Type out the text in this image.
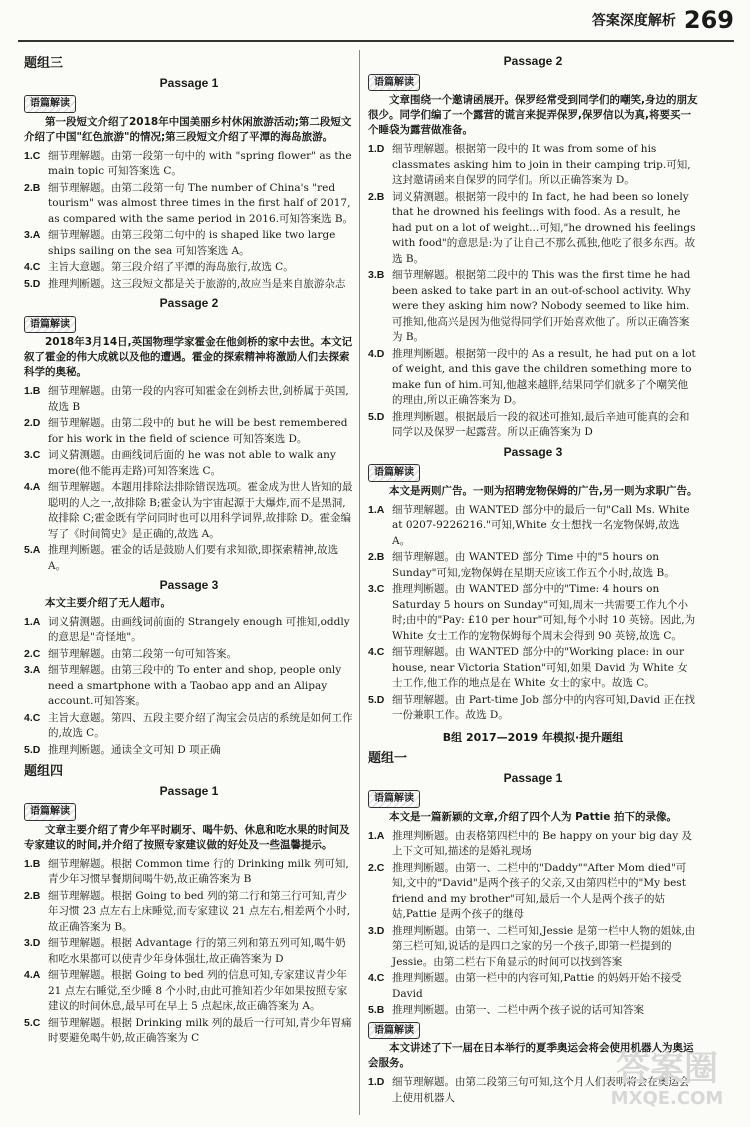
答案深度解析 269
题组三
Passage 1
语篇解读
第一段短文介绍了2018年中国美丽乡村休闲旅游活动;第二段短文介绍了中国"红色旅游"的情况;第三段短文介绍了平潭的海岛旅游。
1.C 细节理解题。由第一段第一句中的 with "spring flower" as the main topic 可知答案选 C。
2.B 细节理解题。由第二段第一句 The number of China's "red tourism" was almost three times in the first half of 2017, as compared with the same period in 2016.可知答案选 B。
3.A 细节理解题。由第三段第二句中的 is shaped like two large ships sailing on the sea 可知答案选 A。
4.C 主旨大意题。第三段介绍了平潭的海岛旅行,故选 C。
5.D 推理判断题。这三段短文都是关于旅游的,故应当是来自旅游杂志
Passage 2
语篇解读
2018年3月14日,英国物理学家霍金在他剑桥的家中去世。本文记叙了霍金的伟大成就以及他的遭遇。霍金的探索精神将激励人们去探索科学的奥秘。
1.B 细节理解题。由第一段的内容可知霍金在剑桥去世,剑桥属于英国,故选 B
2.D 细节理解题。由第二段中的 but he will be best remembered for his work in the field of science 可知答案选 D。
3.C 词义猜测题。由画线词后面的 he was not able to walk any more(他不能再走路)可知答案选 C。
4.A 细节理解题。本题用排除法排除错误选项。霍金成为世人皆知的最聪明的人之一,故排除 B;霍金认为宇宙起源于大爆炸,而不是黑洞,故排除 C;霍金既有学问同时也可以用科学词界,故排除 D。霍金编写了《时间简史》是正确的,故选 A。
5.A 推理判断题。霍金的话是鼓励人们要有求知欲,即探索精神,故选 A。
Passage 3
本文主要介绍了无人超市。
1.A 词义猜测题。由画线词前面的 Strangely enough 可推知,oddly 的意思是"奇怪地"。
2.C 细节理解题。由第二段第一句可知答案。
3.A 细节理解题。由第三段中的 To enter and shop, people only need a smartphone with a Taobao app and an Alipay account.可知答案。
4.C 主旨大意题。第四、五段主要介绍了淘宝会员店的系统是如何工作的,故选 C。
5.D 推理判断题。通读全文可知 D 项正确
题组四
Passage 1
语篇解读
文章主要介绍了青少年平时刷牙、喝牛奶、休息和吃水果的时间及专家建议的时间,并介绍了按照专家建议做的好处及一些温馨提示。
1.B 细节理解题。根据 Common time 行的 Drinking milk 列可知,青少年习惯早餐期间喝牛奶,故正确答案为 B
2.B 细节理解题。根据 Going to bed 列的第二行和第三行可知,青少年习惯 23 点左右上床睡觉,而专家建议 21 点左右,相差两个小时,故正确答案为 B。
3.D 细节理解题。根据 Advantage 行的第三列和第五列可知,喝牛奶和吃水果都可以使青少年身体强壮,故正确答案为 D
4.A 细节理解题。根据 Going to bed 列的信息可知,专家建议青少年 21 点左右睡觉,至少睡 8 个小时,由此可推知若少年如果按照专家建议的时间休息,最早可在早上 5 点起床,故正确答案为 A。
5.C 细节理解题。根据 Drinking milk 列的最后一行可知,青少年胃痛时要避免喝牛奶,故正确答案为 C
Passage 2
语篇解读
文章围绕一个邀请函展开。保罗经常受到同学们的嘲笑,身边的朋友很少。同学们编了一个露营的谎言来捉弄保罗,保罗信以为真,将要买一个睡袋为露营做准备。
1.D 细节理解题。根据第一段中的 It was from some of his classmates asking him to join in their camping trip.可知,这封邀请函来自保罗的同学们。所以正确答案为 D。
2.B 词义猜测题。根据第一段中的 In fact, he had been so lonely that he drowned his feelings with food. As a result, he had put on a lot of weight...可知,"he drowned his feelings with food"的意思是:为了让自己不那么孤独,他吃了很多东西。故选 B。
3.B 细节理解题。根据第二段中的 This was the first time he had been asked to take part in an out-of-school activity. Why were they asking him now? Nobody seemed to like him.可推知,他高兴是因为他觉得同学们开始喜欢他了。所以正确答案为 B。
4.D 推理判断题。根据第一段中的 As a result, he had put on a lot of weight, and this gave the children something more to make fun of him.可知,他越来越胖,结果同学们就多了个嘲笑他的理由,所以正确答案为 D。
5.D 推理判断题。根据最后一段的叙述可推知,最后辛迪可能真的会和同学以及保罗一起露营。所以正确答案为 D
Passage 3
语篇解读
本文是两则广告。一则为招聘宠物保姆的广告,另一则为求职广告。
1.A 细节理解题。由 WANTED 部分中的最后一句"Call Ms. White at 0207-9226216."可知,White 女士想找一名宠物保姆,故选 A。
2.B 细节理解题。由 WANTED 部分 Time 中的"5 hours on Sunday"可知,宠物保姆在星期天应该工作五个小时,故选 B。
3.C 推理判断题。由 WANTED 部分中的"Time: 4 hours on Saturday 5 hours on Sunday"可知,周末一共需要工作九个小时;由中的"Pay: £10 per hour"可知,每个小时 10 英镑。因此,为 White 女士工作的宠物保姆每个周末会得到 90 英镑,故选 C。
4.C 细节理解题。由 WANTED 部分中的"Working place: in our house, near Victoria Station"可知,如果 David 为 White 女士工作,他工作的地点是在 White 女士的家中。故选 C。
5.D 细节理解题。由 Part-time Job 部分中的内容可知,David 正在找一份兼职工作。故选 D。
B组 2017—2019 年模拟·提升题组
题组一
Passage 1
语篇解读
本文是一篇新颖的文章,介绍了四个人为 Pattie 拍下的录像。
1.A 推理判断题。由表格第四栏中的 Be happy on your big day 及上下文可知,描述的是婚礼现场
2.C 推理判断题。由第一、二栏中的"Daddy""After Mom died"可知,文中的"David"是两个孩子的父亲,又由第四栏中的"My best friend and my brother"可知,最后一个人是两个孩子的姑姑,Pattie 是两个孩子的继母
3.D 推理判断题。由第一、二栏可知,Jessie 是第一栏中人物的姐妹,由第三栏可知,说话的是四口之家的另一个孩子,即第一栏提到的 Jessie。由第二栏右下角显示的时间可以找到答案
4.C 推理判断题。由第一栏中的内容可知,Pattie 的妈妈开始不接受 David
5.B 推理判断题。由第一、二栏中两个孩子说的话可知答案
语篇解读
本文讲述了下一届在日本举行的夏季奥运会将会使用机器人为奥运会服务。
1.D 细节理解题。由第二段第三句可知,这个月人们表明将会在奥运会上使用机器人
答案圈
MXQE.COM
